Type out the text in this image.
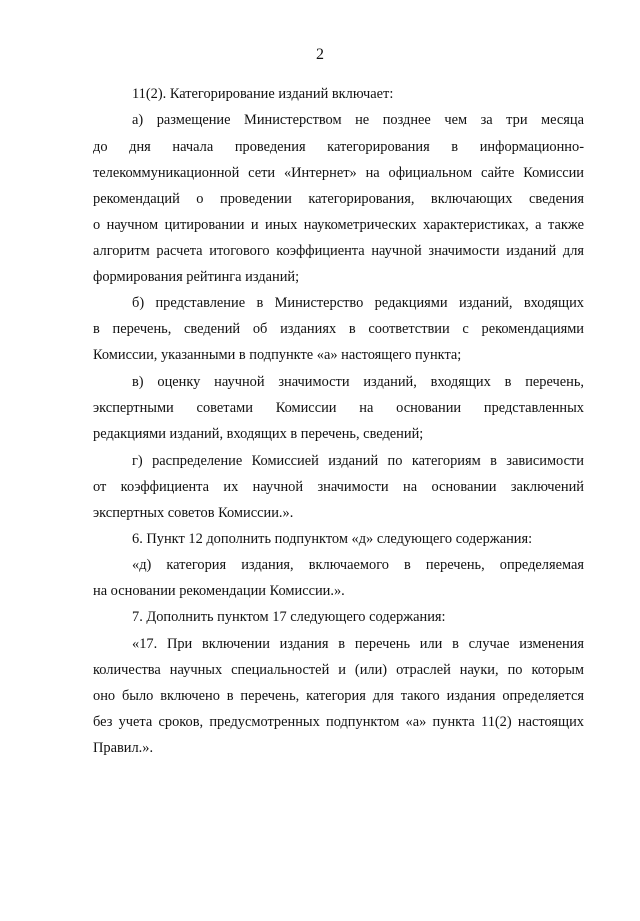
2
11(2). Категорирование изданий включает:
а) размещение Министерством не позднее чем за три месяца
до дня начала проведения категорирования в информационно-
телекоммуникационной сети «Интернет» на официальном сайте Комиссии
рекомендаций о проведении категорирования, включающих сведения
о научном цитировании и иных наукометрических характеристиках, а также
алгоритм расчета итогового коэффициента научной значимости изданий для
формирования рейтинга изданий;
б) представление в Министерство редакциями изданий, входящих
в перечень, сведений об изданиях в соответствии с рекомендациями
Комиссии, указанными в подпункте «а» настоящего пункта;
в) оценку научной значимости изданий, входящих в перечень,
экспертными советами Комиссии на основании представленных
редакциями изданий, входящих в перечень, сведений;
г) распределение Комиссией изданий по категориям в зависимости
от коэффициента их научной значимости на основании заключений
экспертных советов Комиссии.».
6. Пункт 12 дополнить подпунктом «д» следующего содержания:
«д) категория издания, включаемого в перечень, определяемая
на основании рекомендации Комиссии.».
7. Дополнить пунктом 17 следующего содержания:
«17. При включении издания в перечень или в случае изменения
количества научных специальностей и (или) отраслей науки, по которым
оно было включено в перечень, категория для такого издания определяется
без учета сроков, предусмотренных подпунктом «а» пункта 11(2) настоящих
Правил.».
